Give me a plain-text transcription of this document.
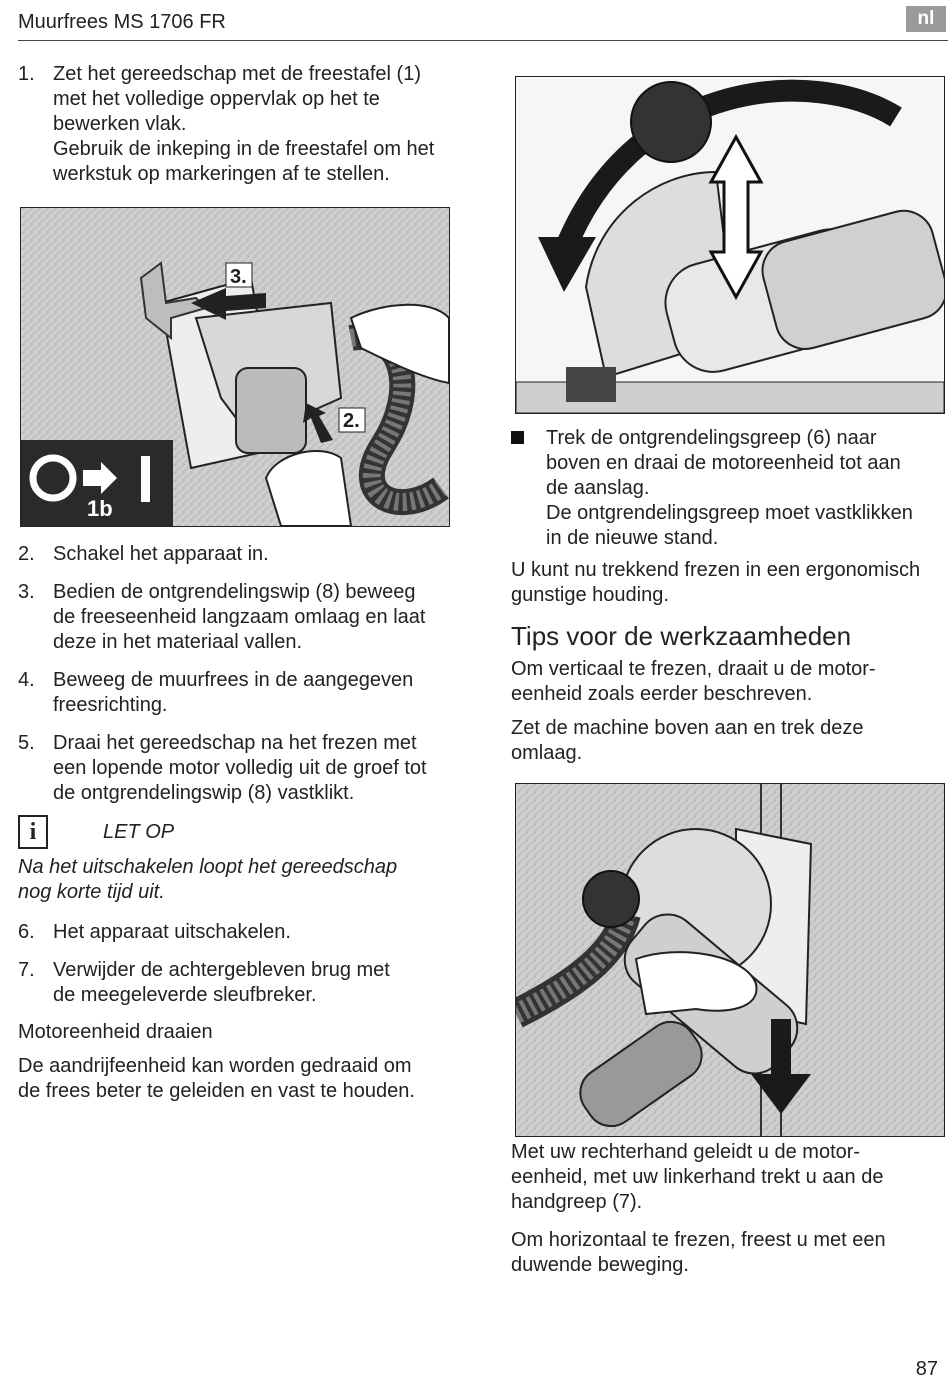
Muurfrees MS 1706 FR	nl
1. Zet het gereedschap met de freestafel (1)
met het volledige oppervlak op het te
bewerken vlak.
Gebruik de inkeping in de freestafel om het
werkstuk op markeringen af te stellen.
3.
2.
1b
2. Schakel het apparaat in.
3. Bedien de ontgrendelingswip (8) beweeg
de freeseenheid langzaam omlaag en laat
deze in het materiaal vallen.
4. Beweeg de muurfrees in de aangegeven
freesrichting.
5. Draai het gereedschap na het frezen met
een lopende motor volledig uit de groef tot
de ontgrendelingswip (8) vastklikt.
i	LET OP
Na het uitschakelen loopt het gereedschap
nog korte tijd uit.
6. Het apparaat uitschakelen.
7. Verwijder de achtergebleven brug met
de meegeleverde sleufbreker.
Motoreenheid draaien
De aandrijfeenheid kan worden gedraaid om
de frees beter te geleiden en vast te houden.
Trek de ontgrendelingsgreep (6) naar
boven en draai de motoreenheid tot aan
de aanslag.
De ontgrendelingsgreep moet vastklikken
in de nieuwe stand.
U kunt nu trekkend frezen in een ergonomisch
gunstige houding.
Tips voor de werkzaamheden
Om verticaal te frezen, draait u de motor-
eenheid zoals eerder beschreven.
Zet de machine boven aan en trek deze
omlaag.
Met uw rechterhand geleidt u de motor-
eenheid, met uw linkerhand trekt u aan de
handgreep (7).
Om horizontaal te frezen, freest u met een
duwende beweging.
87
